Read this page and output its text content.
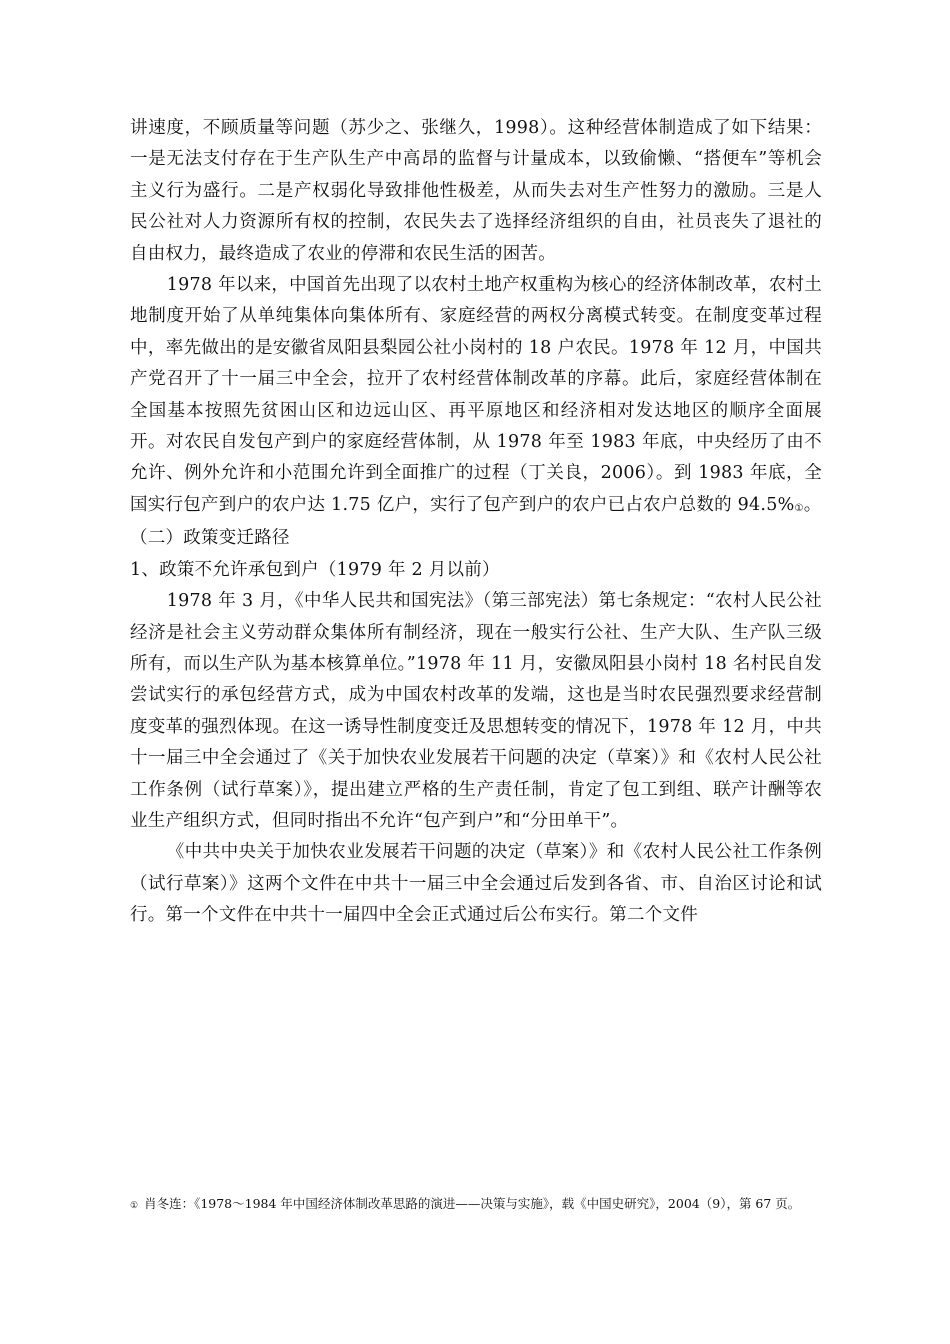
讲速度，不顾质量等问题（苏少之、张继久，1998）。这种经营体制造成了如下结果：一是无法支付存在于生产队生产中高昂的监督与计量成本，以致偷懒、“搭便车”等机会主义行为盛行。二是产权弱化导致排他性极差，从而失去对生产性努力的激励。三是人民公社对人力资源所有权的控制，农民失去了选择经济组织的自由，社员丧失了退社的自由权力，最终造成了农业的停滞和农民生活的困苦。

1978 年以来，中国首先出现了以农村土地产权重构为核心的经济体制改革，农村土地制度开始了从单纯集体向集体所有、家庭经营的两权分离模式转变。在制度变革过程中，率先做出的是安徽省凤阳县梨园公社小岗村的 18 户农民。1978 年 12 月，中国共产党召开了十一届三中全会，拉开了农村经营体制改革的序幕。此后，家庭经营体制在全国基本按照先贫困山区和边远山区、再平原地区和经济相对发达地区的顺序全面展开。对农民自发包产到户的家庭经营体制，从 1978 年至 1983 年底，中央经历了由不允许、例外允许和小范围允许到全面推广的过程（丁关良，2006）。到 1983 年底，全国实行包产到户的农户达 1.75 亿户，实行了包产到户的农户已占农户总数的 94.5%①。

（二）政策变迁路径

1、政策不允许承包到户（1979 年 2 月以前）

1978 年 3 月，《中华人民共和国宪法》（第三部宪法）第七条规定：“农村人民公社经济是社会主义劳动群众集体所有制经济，现在一般实行公社、生产大队、生产队三级所有，而以生产队为基本核算单位。”1978 年 11 月，安徽凤阳县小岗村 18 名村民自发尝试实行的承包经营方式，成为中国农村改革的发端，这也是当时农民强烈要求经营制度变革的强烈体现。在这一诱导性制度变迁及思想转变的情况下，1978 年 12 月，中共十一届三中全会通过了《关于加快农业发展若干问题的决定（草案）》和《农村人民公社工作条例（试行草案）》，提出建立严格的生产责任制，肯定了包工到组、联产计酬等农业生产组织方式，但同时指出不允许“包产到户”和“分田单干”。

《中共中央关于加快农业发展若干问题的决定（草案）》和《农村人民公社工作条例（试行草案）》这两个文件在中共十一届三中全会通过后发到各省、市、自治区讨论和试行。第一个文件在中共十一届四中全会正式通过后公布实行。第二个文件

① 肖冬连：《1978～1984 年中国经济体制改革思路的演进——决策与实施》，载《中国史研究》，2004（9），第 67 页。
